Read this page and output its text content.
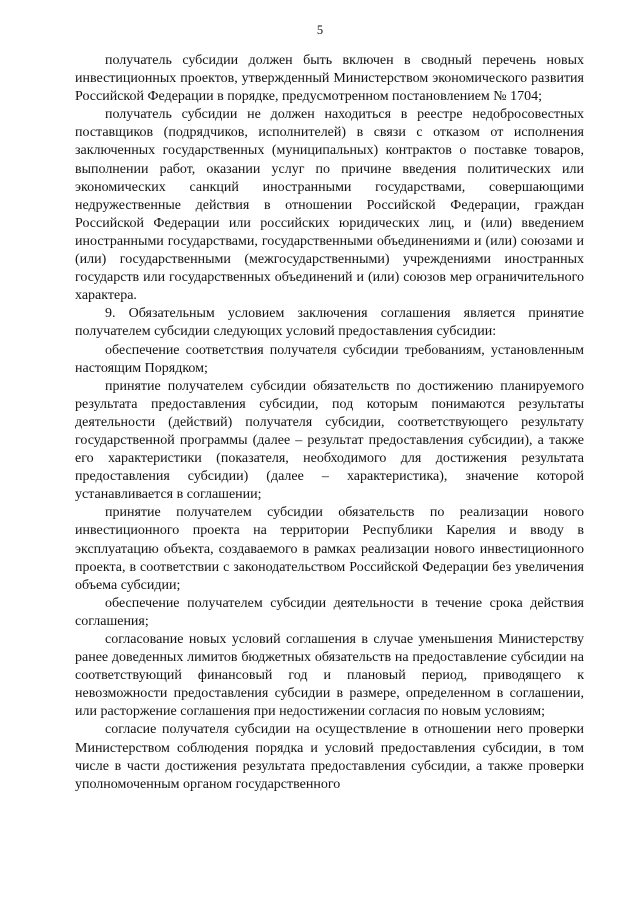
5

получатель субсидии должен быть включен в сводный перечень новых инвестиционных проектов, утвержденный Министерством экономического развития Российской Федерации в порядке, предусмотренном постановлением № 1704;

получатель субсидии не должен находиться в реестре недобросовестных поставщиков (подрядчиков, исполнителей) в связи с отказом от исполнения заключенных государственных (муниципальных) контрактов о поставке товаров, выполнении работ, оказании услуг по причине введения политических или экономических санкций иностранными государствами, совершающими недружественные действия в отношении Российской Федерации, граждан Российской Федерации или российских юридических лиц, и (или) введением иностранными государствами, государственными объединениями и (или) союзами и (или) государственными (межгосударственными) учреждениями иностранных государств или государственных объединений и (или) союзов мер ограничительного характера.

9. Обязательным условием заключения соглашения является принятие получателем субсидии следующих условий предоставления субсидии:

обеспечение соответствия получателя субсидии требованиям, установленным настоящим Порядком;

принятие получателем субсидии обязательств по достижению планируемого результата предоставления субсидии, под которым понимаются результаты деятельности (действий) получателя субсидии, соответствующего результату государственной программы (далее – результат предоставления субсидии), а также его характеристики (показателя, необходимого для достижения результата предоставления субсидии) (далее – характеристика), значение которой устанавливается в соглашении;

принятие получателем субсидии обязательств по реализации нового инвестиционного проекта на территории Республики Карелия и вводу в эксплуатацию объекта, создаваемого в рамках реализации нового инвестиционного проекта, в соответствии с законодательством Российской Федерации без увеличения объема субсидии;

обеспечение получателем субсидии деятельности в течение срока действия соглашения;

согласование новых условий соглашения в случае уменьшения Министерству ранее доведенных лимитов бюджетных обязательств на предоставление субсидии на соответствующий финансовый год и плановый период, приводящего к невозможности предоставления субсидии в размере, определенном в соглашении, или расторжение соглашения при недостижении согласия по новым условиям;

согласие получателя субсидии на осуществление в отношении него проверки Министерством соблюдения порядка и условий предоставления субсидии, в том числе в части достижения результата предоставления субсидии, а также проверки уполномоченным органом государственного
